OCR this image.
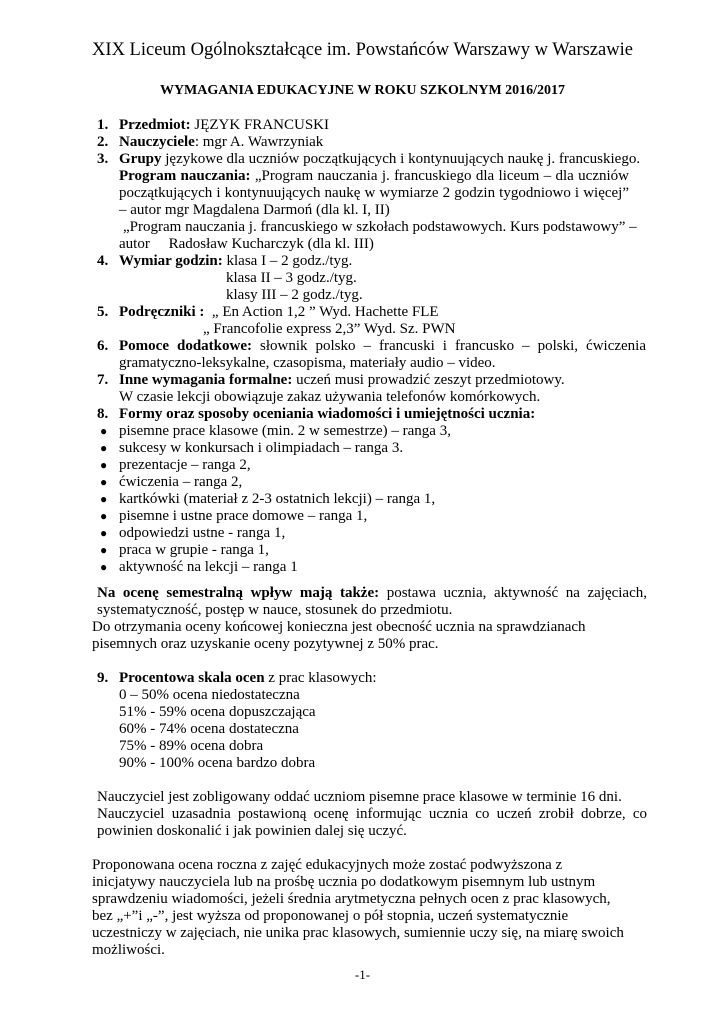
XIX Liceum Ogólnokształcące im. Powstańców Warszawy w Warszawie
WYMAGANIA EDUKACYJNE W ROKU SZKOLNYM 2016/2017
1. Przedmiot: JĘZYK FRANCUSKI
2. Nauczyciele: mgr A. Wawrzyniak
3. Grupy językowe dla uczniów początkujących i kontynuujących naukę j. francuskiego.
Program nauczania: „Program nauczania j. francuskiego dla liceum – dla uczniów początkujących i kontynuujących naukę w wymiarze 2 godzin tygodniowo i więcej” – autor mgr Magdalena Darmoń (dla kl. I, II)
„Program nauczania j. francuskiego w szkołach podstawowych. Kurs podstawowy” –
autor     Radosław Kucharczyk (dla kl. III)
4. Wymiar godzin: klasa I – 2 godz./tyg.
klasa II – 3 godz./tyg.
klasy III – 2 godz./tyg.
5. Podręczniki :  „ En Action 1,2 ” Wyd. Hachette FLE
„ Francofolie express 2,3” Wyd. Sz. PWN
6. Pomoce dodatkowe: słownik polsko – francuski i francusko – polski, ćwiczenia gramatyczno-leksykalne, czasopisma, materiały audio – video.
7. Inne wymagania formalne: uczeń musi prowadzić zeszyt przedmiotowy.
W czasie lekcji obowiązuje zakaz używania telefonów komórkowych.
8. Formy oraz sposoby oceniania wiadomości i umiejętności ucznia:
● pisemne prace klasowe (min. 2 w semestrze) – ranga 3,
● sukcesy w konkursach i olimpiadach – ranga 3.
● prezentacje – ranga 2,
● ćwiczenia – ranga 2,
● kartkówki (materiał z 2-3 ostatnich lekcji) – ranga 1,
● pisemne i ustne prace domowe – ranga 1,
● odpowiedzi ustne - ranga 1,
● praca w grupie - ranga 1,
● aktywność na lekcji – ranga 1
Na ocenę semestralną wpływ mają także: postawa ucznia, aktywność na zajęciach, systematyczność, postęp w nauce, stosunek do przedmiotu.
Do otrzymania oceny końcowej konieczna jest obecność ucznia na sprawdzianach pisemnych oraz uzyskanie oceny pozytywnej z 50% prac.
9. Procentowa skala ocen z prac klasowych:
0 – 50% ocena niedostateczna
51% - 59% ocena dopuszczająca
60% - 74% ocena dostateczna
75% - 89% ocena dobra
90% - 100% ocena bardzo dobra
Nauczyciel jest zobligowany oddać uczniom pisemne prace klasowe w terminie 16 dni.
Nauczyciel uzasadnia postawioną ocenę informując ucznia co uczeń zrobił dobrze, co powinien doskonalić i jak powinien dalej się uczyć.
Proponowana ocena roczna z zajęć edukacyjnych może zostać podwyższona z inicjatywy nauczyciela lub na prośbę ucznia po dodatkowym pisemnym lub ustnym sprawdzeniu wiadomości, jeżeli średnia arytmetyczna pełnych ocen z prac klasowych, bez „+”i „-”, jest wyższa od proponowanej o pół stopnia, uczeń systematycznie uczestniczy w zajęciach, nie unika prac klasowych, sumiennie uczy się, na miarę swoich możliwości.
-1-
